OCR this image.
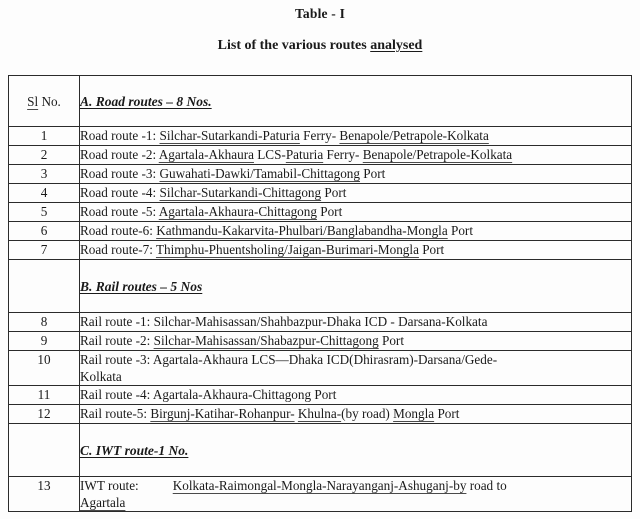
Table - I
List of the various routes analysed
Sl No.	A. Road routes – 8 Nos.
1	Road route -1: Silchar-Sutarkandi-Paturia Ferry- Benapole/Petrapole-Kolkata
2	Road route -2: Agartala-Akhaura LCS-Paturia Ferry- Benapole/Petrapole-Kolkata
3	Road route -3: Guwahati-Dawki/Tamabil-Chittagong Port
4	Road route -4: Silchar-Sutarkandi-Chittagong Port
5	Road route -5: Agartala-Akhaura-Chittagong Port
6	Road route-6: Kathmandu-Kakarvita-Phulbari/Banglabandha-Mongla Port
7	Road route-7: Thimphu-Phuentsholing/Jaigan-Burimari-Mongla Port
	B. Rail routes – 5 Nos
8	Rail route -1: Silchar-Mahisassan/Shahbazpur-Dhaka ICD - Darsana-Kolkata
9	Rail route -2: Silchar-Mahisassan/Shabazpur-Chittagong Port
10	Rail route -3: Agartala-Akhaura LCS—Dhaka ICD(Dhirasram)-Darsana/Gede-
Kolkata
11	Rail route -4: Agartala-Akhaura-Chittagong Port
12	Rail route-5: Birgunj-Katihar-Rohanpur- Khulna-(by road) Mongla Port
	C. IWT route-1 No.
13	IWT route: Kolkata-Raimongal-Mongla-Narayanganj-Ashuganj-by road to
Agartala
